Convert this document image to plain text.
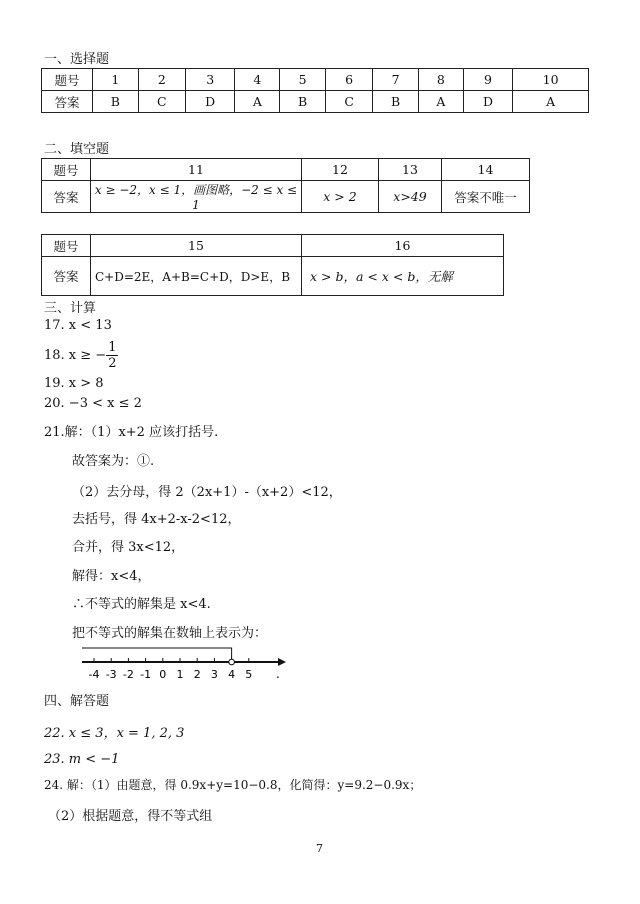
一、选择题
题号	1	2	3	4	5	6	7	8	9	10
答案	B	C	D	A	B	C	B	A	D	A
二、填空题
题号	11	12	13	14
答案	x ≥ −2，x ≤ 1，画图略，−2 ≤ x ≤ 1	x > 2	x>49	答案不唯一
题号	15	16
答案	C+D=2E，A+B=C+D，D>E，B	x > b，a < x < b，无解
三、计算
17. x < 13
18. x ≥ − $\frac{1}{2}$
19. x > 8
20. −3 < x ≤ 2
21.解：（1）x+2 应该打括号.
故答案为：①.
（2）去分母，得 2（2x+1）-（x+2）<12，
去括号，得 4x+2-x-2<12，
合并，得 3x<12，
解得：x<4，
∴不等式的解集是 x<4.
把不等式的解集在数轴上表示为：
-4 -3 -2 -1 0 1 2 3 4 5 .
四、解答题
22. x ≤ 3，x = 1, 2, 3
23. m < −1
24. 解：（1）由题意，得 0.9x+y=10−0.8，化简得：y=9.2−0.9x；
（2）根据题意，得不等式组
7
